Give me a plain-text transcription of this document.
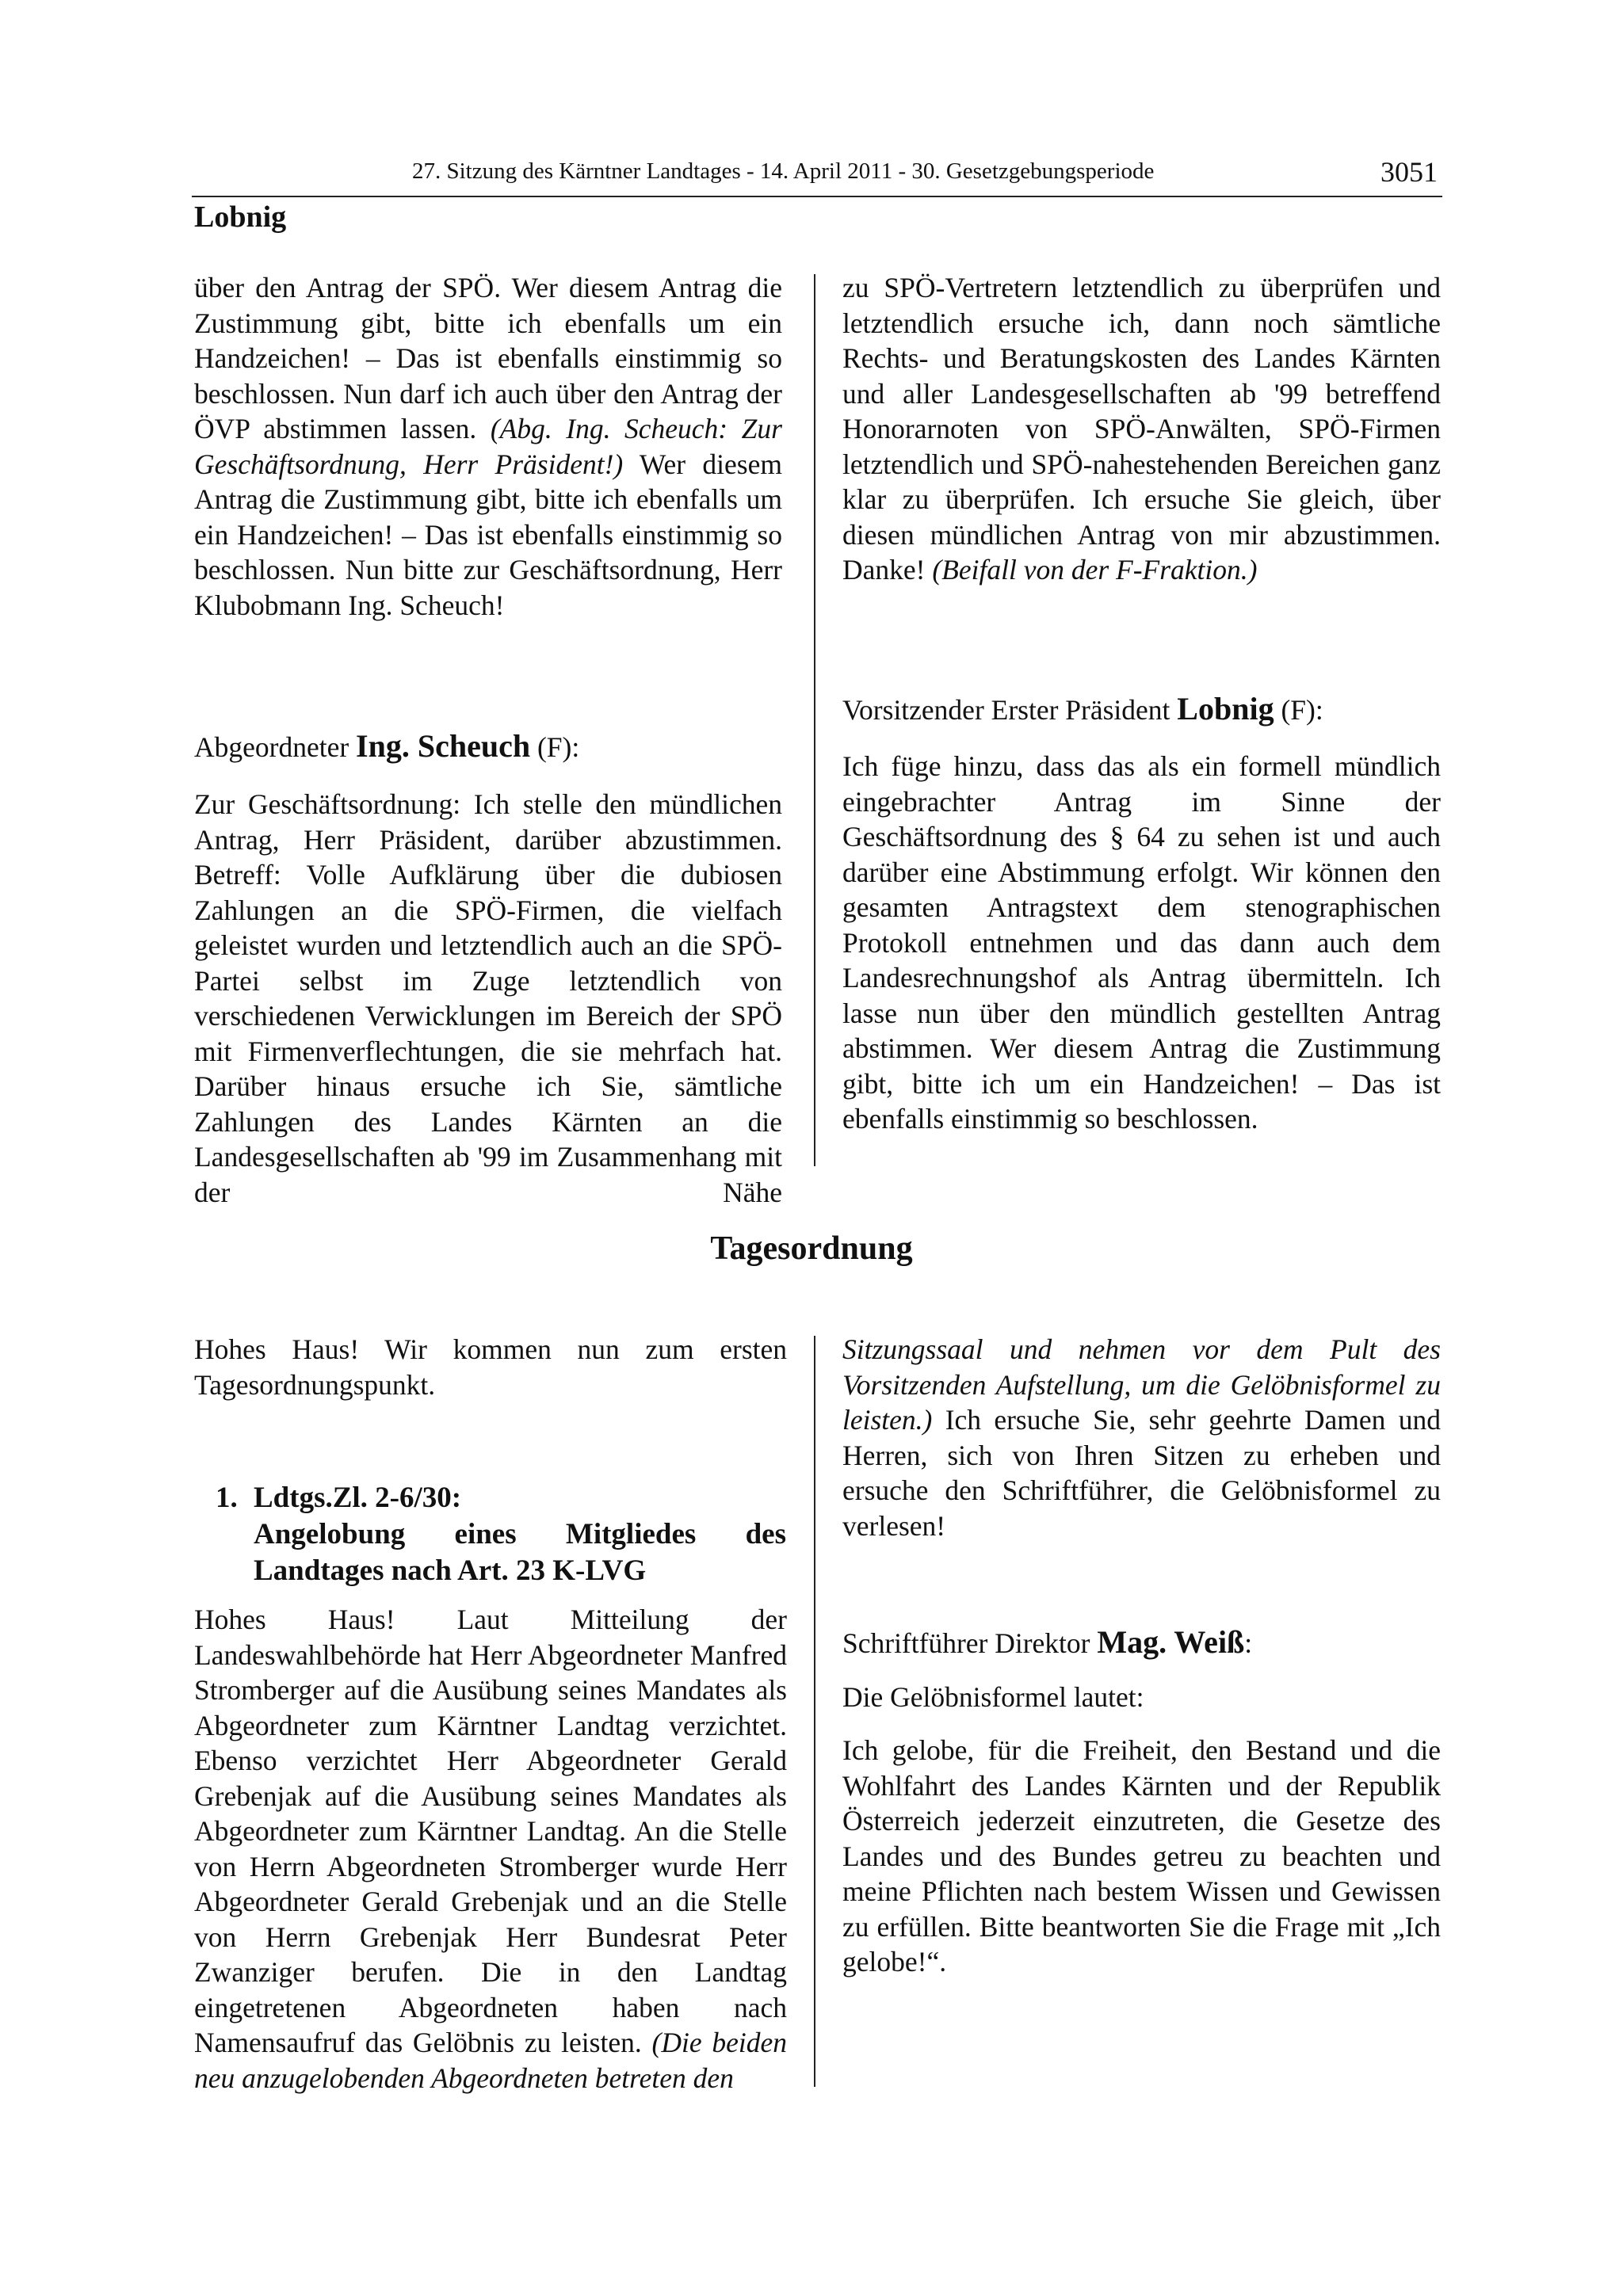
27. Sitzung des Kärntner Landtages - 14. April 2011 - 30. Gesetzgebungsperiode	3051
Lobnig

über den Antrag der SPÖ. Wer diesem Antrag die Zustimmung gibt, bitte ich ebenfalls um ein Handzeichen! – Das ist ebenfalls einstimmig so beschlossen. Nun darf ich auch über den Antrag der ÖVP abstimmen lassen. (Abg. Ing. Scheuch: Zur Geschäftsordnung, Herr Präsident!) Wer diesem Antrag die Zustimmung gibt, bitte ich ebenfalls um ein Handzeichen! – Das ist ebenfalls einstimmig so beschlossen. Nun bitte zur Geschäftsordnung, Herr Klubobmann Ing. Scheuch!

Abgeordneter Ing. Scheuch (F):

Zur Geschäftsordnung: Ich stelle den mündlichen Antrag, Herr Präsident, darüber abzustimmen. Betreff: Volle Aufklärung über die dubiosen Zahlungen an die SPÖ-Firmen, die vielfach geleistet wurden und letztendlich auch an die SPÖ-Partei selbst im Zuge letztendlich von verschiedenen Verwicklungen im Bereich der SPÖ mit Firmenverflechtungen, die sie mehrfach hat. Darüber hinaus ersuche ich Sie, sämtliche Zahlungen des Landes Kärnten an die Landesgesellschaften ab '99 im Zusammenhang mit der Nähe

zu SPÖ-Vertretern letztendlich zu überprüfen und letztendlich ersuche ich, dann noch sämtliche Rechts- und Beratungskosten des Landes Kärnten und aller Landesgesellschaften ab '99 betreffend Honorarnoten von SPÖ-Anwälten, SPÖ-Firmen letztendlich und SPÖ-nahestehenden Bereichen ganz klar zu überprüfen. Ich ersuche Sie gleich, über diesen mündlichen Antrag von mir abzustimmen. Danke! (Beifall von der F-Fraktion.)

Vorsitzender Erster Präsident Lobnig (F):

Ich füge hinzu, dass das als ein formell mündlich eingebrachter Antrag im Sinne der Geschäftsordnung des § 64 zu sehen ist und auch darüber eine Abstimmung erfolgt. Wir können den gesamten Antragstext dem stenographischen Protokoll entnehmen und das dann auch dem Landesrechnungshof als Antrag übermitteln. Ich lasse nun über den mündlich gestellten Antrag abstimmen. Wer diesem Antrag die Zustimmung gibt, bitte ich um ein Handzeichen! – Das ist ebenfalls einstimmig so beschlossen.

Tagesordnung

Hohes Haus! Wir kommen nun zum ersten Tagesordnungspunkt.

1. Ldtgs.Zl. 2-6/30:
Angelobung eines Mitgliedes des
Landtages nach Art. 23 K-LVG

Hohes Haus! Laut Mitteilung der Landeswahlbehörde hat Herr Abgeordneter Manfred Stromberger auf die Ausübung seines Mandates als Abgeordneter zum Kärntner Landtag verzichtet. Ebenso verzichtet Herr Abgeordneter Gerald Grebenjak auf die Ausübung seines Mandates als Abgeordneter zum Kärntner Landtag. An die Stelle von Herrn Abgeordneten Stromberger wurde Herr Abgeordneter Gerald Grebenjak und an die Stelle von Herrn Grebenjak Herr Bundesrat Peter Zwanziger berufen. Die in den Landtag eingetretenen Abgeordneten haben nach Namensaufruf das Gelöbnis zu leisten. (Die beiden neu anzugelobenden Abgeordneten betreten den

Sitzungssaal und nehmen vor dem Pult des Vorsitzenden Aufstellung, um die Gelöbnisformel zu leisten.) Ich ersuche Sie, sehr geehrte Damen und Herren, sich von Ihren Sitzen zu erheben und ersuche den Schriftführer, die Gelöbnisformel zu verlesen!

Schriftführer Direktor Mag. Weiß:

Die Gelöbnisformel lautet:

Ich gelobe, für die Freiheit, den Bestand und die Wohlfahrt des Landes Kärnten und der Republik Österreich jederzeit einzutreten, die Gesetze des Landes und des Bundes getreu zu beachten und meine Pflichten nach bestem Wissen und Gewissen zu erfüllen. Bitte beantworten Sie die Frage mit „Ich gelobe!“.
